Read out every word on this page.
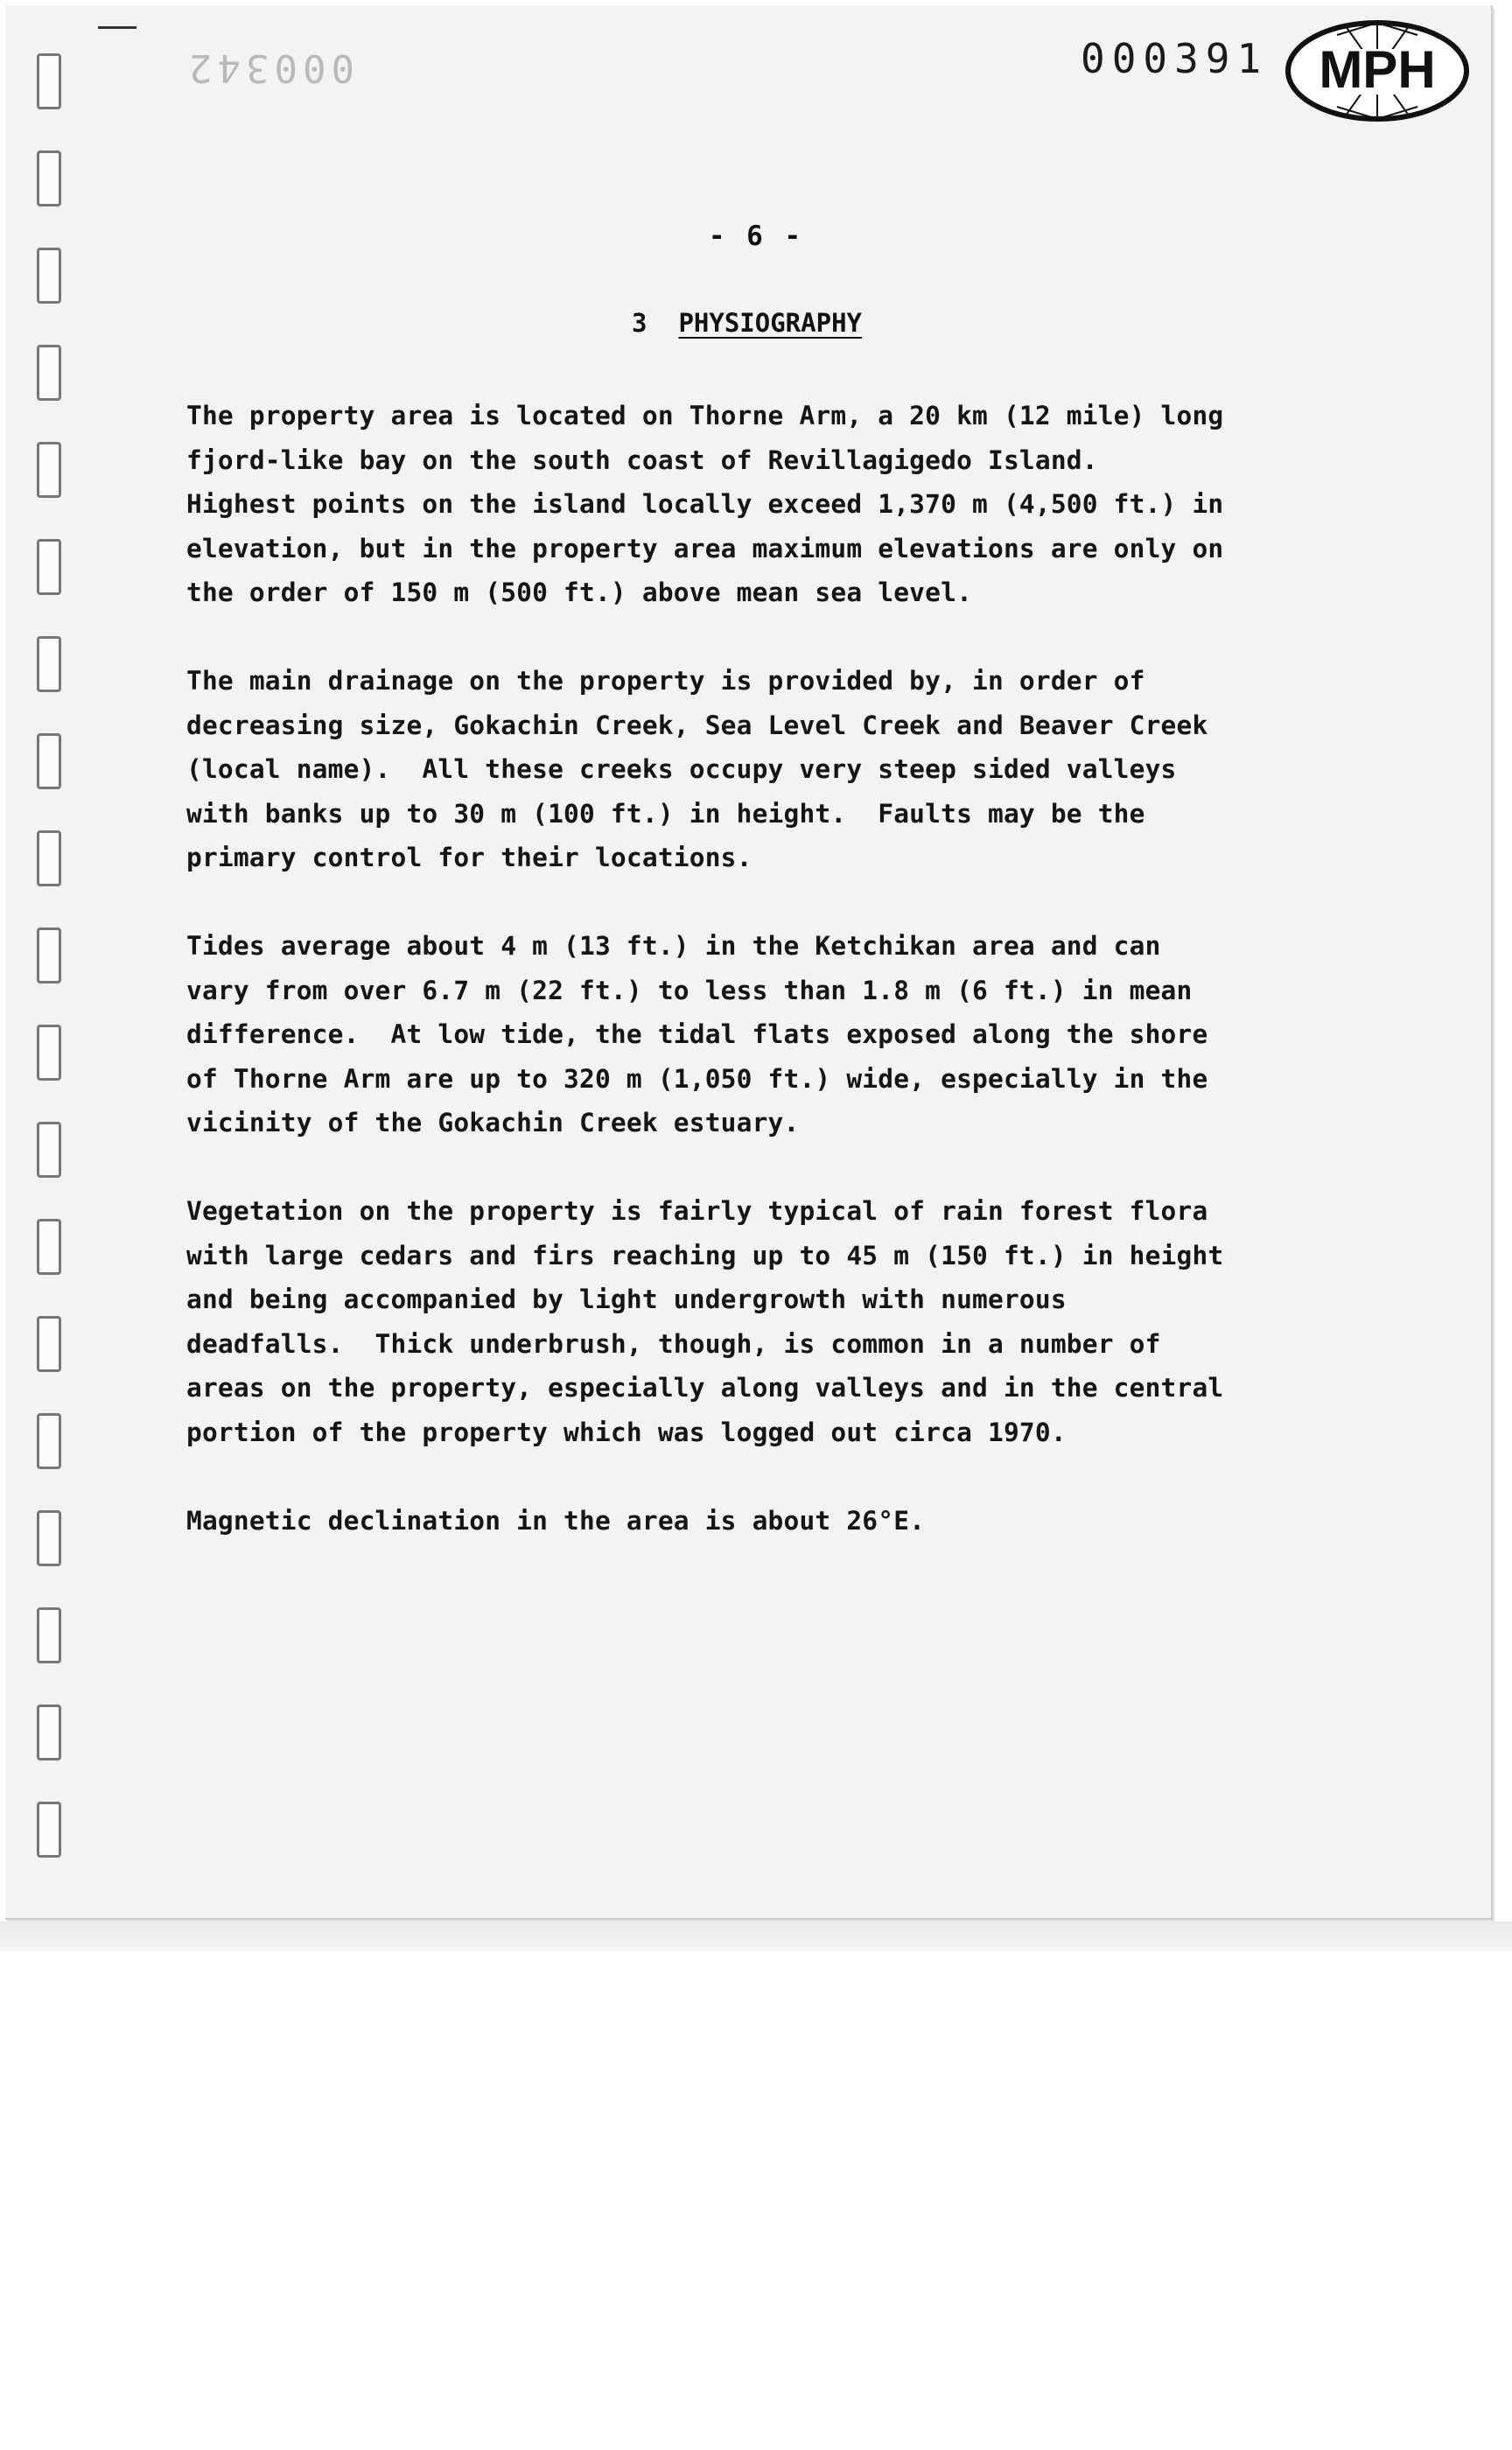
000342	000391 MPH
- 6 -
3 PHYSIOGRAPHY
The property area is located on Thorne Arm, a 20 km (12 mile) long
fjord-like bay on the south coast of Revillagigedo Island.
Highest points on the island locally exceed 1,370 m (4,500 ft.) in
elevation, but in the property area maximum elevations are only on
the order of 150 m (500 ft.) above mean sea level.
The main drainage on the property is provided by, in order of
decreasing size, Gokachin Creek, Sea Level Creek and Beaver Creek
(local name).  All these creeks occupy very steep sided valleys
with banks up to 30 m (100 ft.) in height.  Faults may be the
primary control for their locations.
Tides average about 4 m (13 ft.) in the Ketchikan area and can
vary from over 6.7 m (22 ft.) to less than 1.8 m (6 ft.) in mean
difference.  At low tide, the tidal flats exposed along the shore
of Thorne Arm are up to 320 m (1,050 ft.) wide, especially in the
vicinity of the Gokachin Creek estuary.
Vegetation on the property is fairly typical of rain forest flora
with large cedars and firs reaching up to 45 m (150 ft.) in height
and being accompanied by light undergrowth with numerous
deadfalls.  Thick underbrush, though, is common in a number of
areas on the property, especially along valleys and in the central
portion of the property which was logged out circa 1970.
Magnetic declination in the area is about 26°E.
